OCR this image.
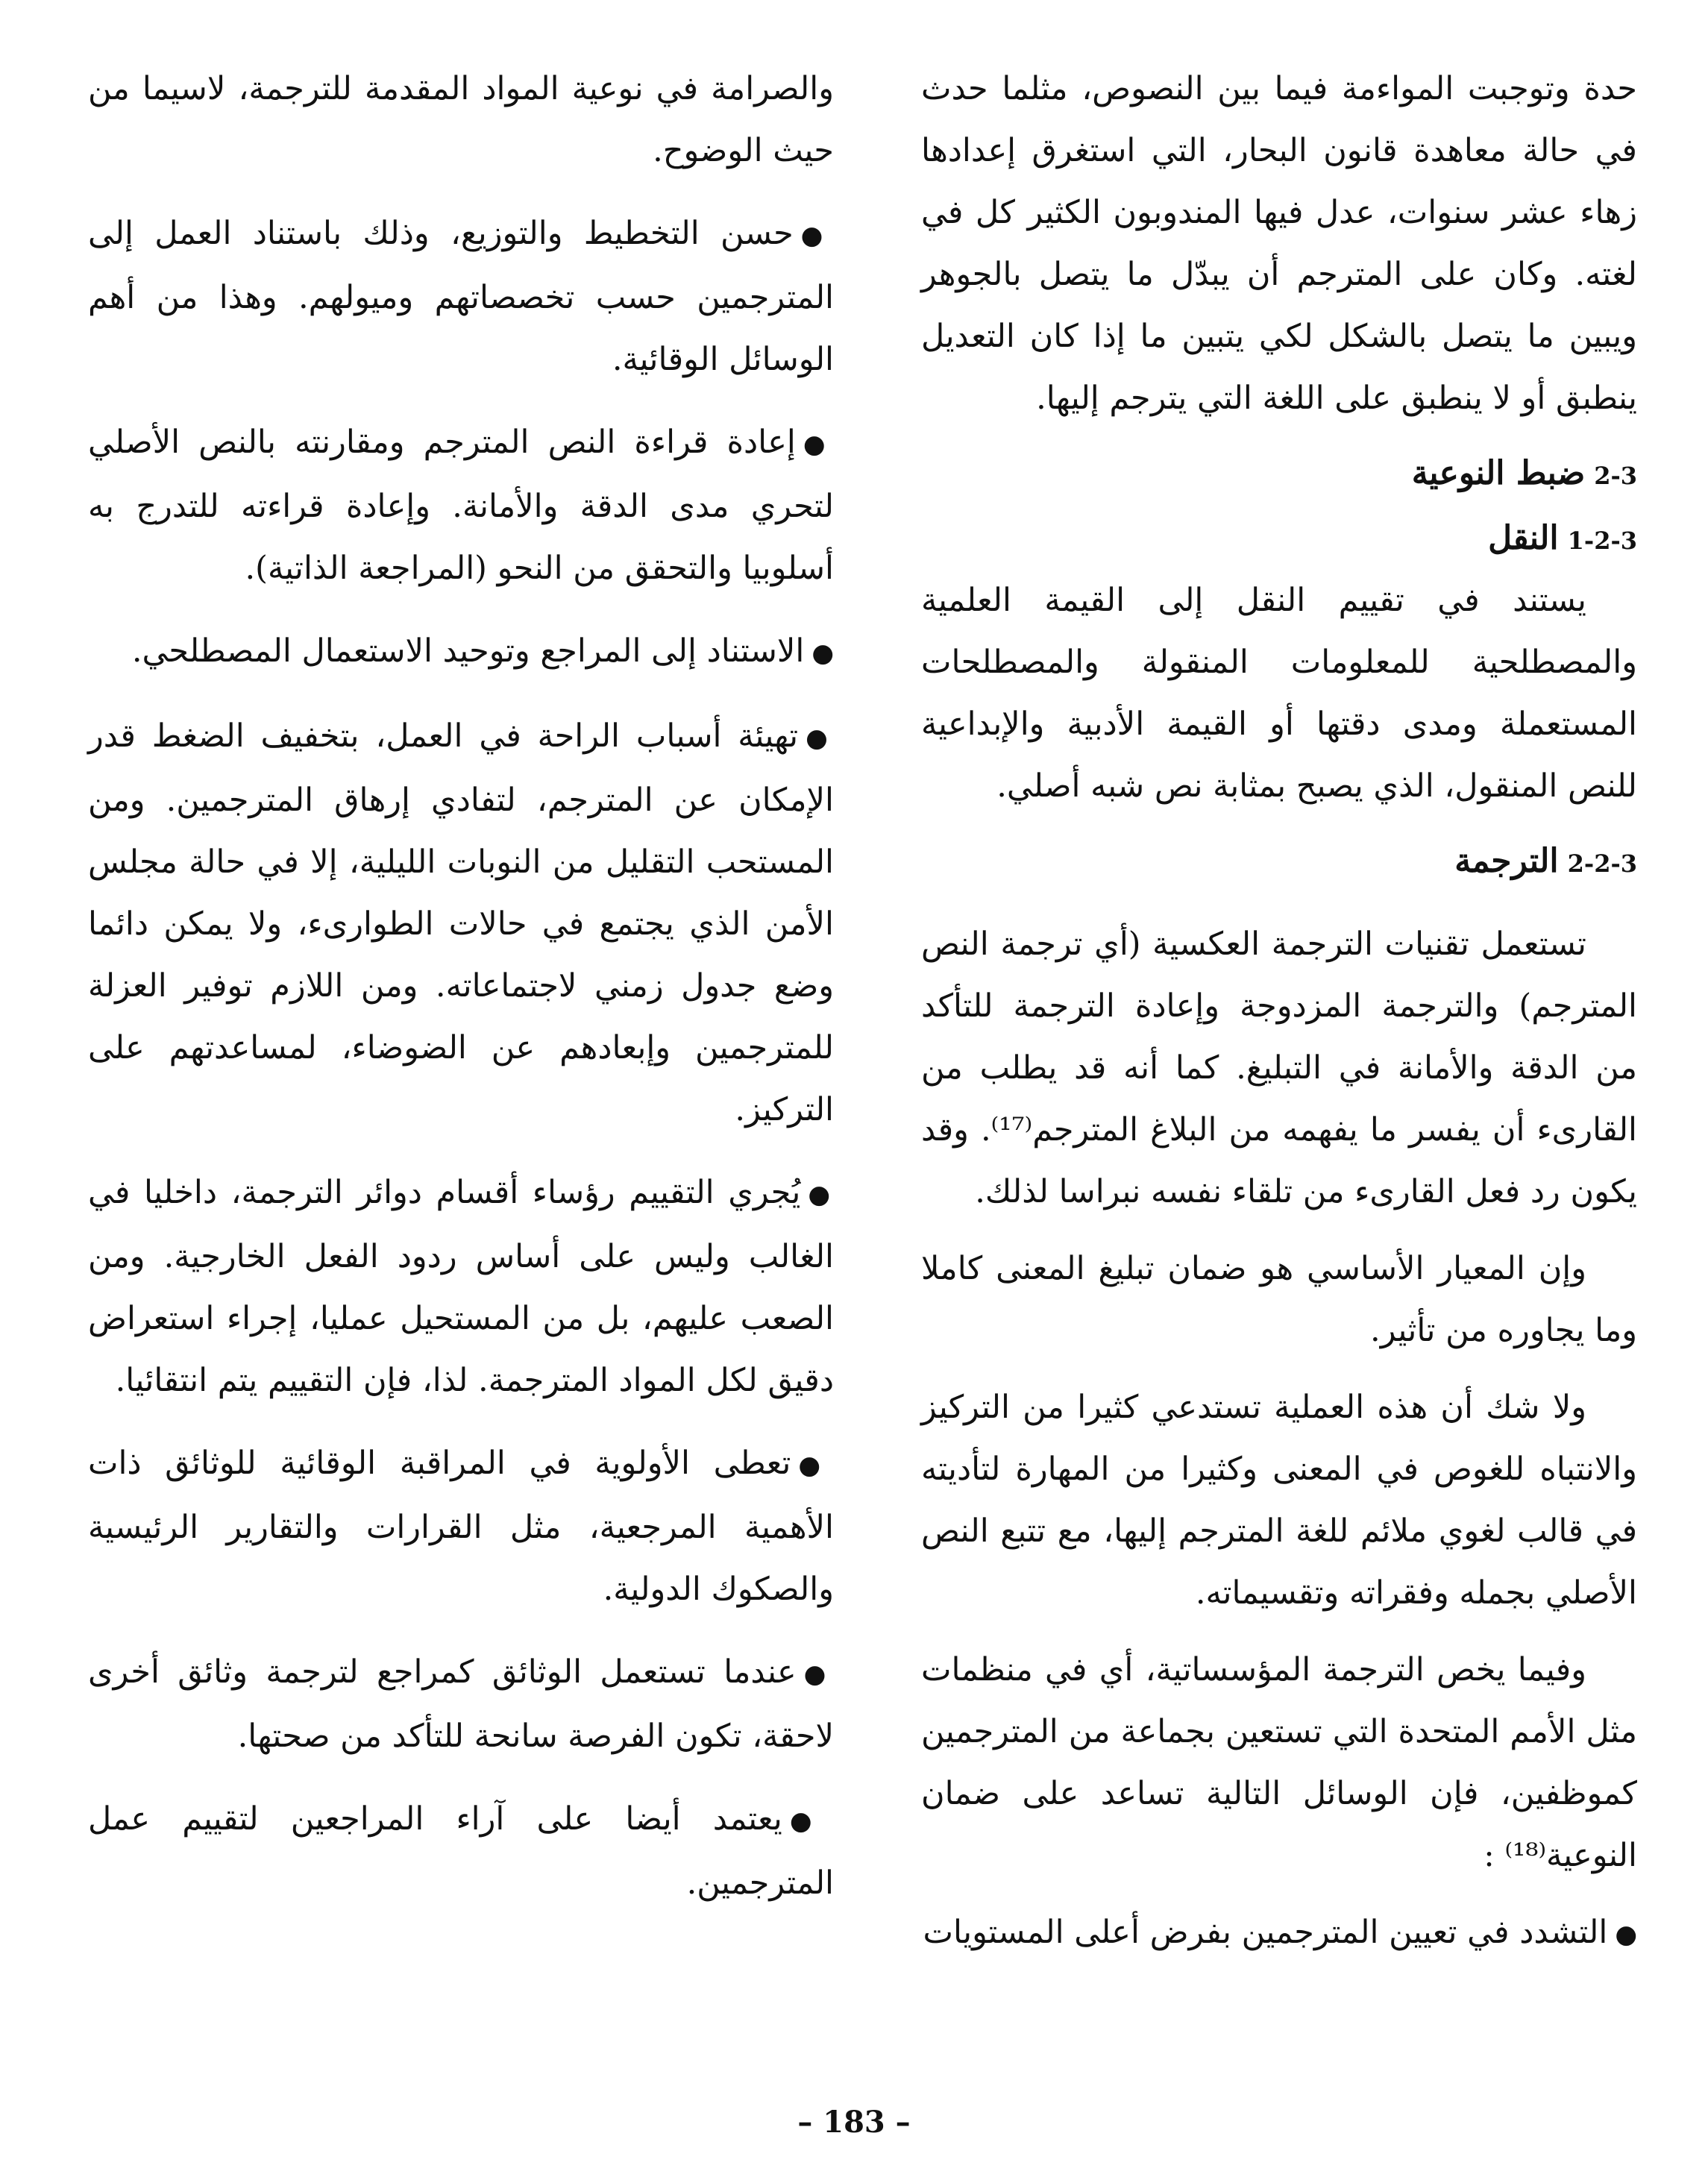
حدة وتوجبت المواءمة فيما بين النصوص، مثلما حدث في حالة معاهدة قانون البحار، التي استغرق إعدادها زهاء عشر سنوات، عدل فيها المندوبون الكثير كل في لغته. وكان على المترجم أن يبدّل ما يتصل بالجوهر ويبين ما يتصل بالشكل لكي يتبين ما إذا كان التعديل ينطبق أو لا ينطبق على اللغة التي يترجم إليها.

2-3ضبط النوعية

1-2-3النقل

يستند في تقييم النقل إلى القيمة العلمية والمصطلحية للمعلومات المنقولة والمصطلحات المستعملة ومدى دقتها أو القيمة الأدبية والإبداعية للنص المنقول، الذي يصبح بمثابة نص شبه أصلي.

2-2-3الترجمة

تستعمل تقنيات الترجمة العكسية (أي ترجمة النص المترجم) والترجمة المزدوجة وإعادة الترجمة للتأكد من الدقة والأمانة في التبليغ. كما أنه قد يطلب من القارىء أن يفسر ما يفهمه من البلاغ المترجم⁽¹⁷⁾. وقد يكون رد فعل القارىء من تلقاء نفسه نبراسا لذلك.

وإن المعيار الأساسي هو ضمان تبليغ المعنى كاملا وما يجاوره من تأثير.

ولا شك أن هذه العملية تستدعي كثيرا من التركيز والانتباه للغوص في المعنى وكثيرا من المهارة لتأديته في قالب لغوي ملائم للغة المترجم إليها، مع تتبع النص الأصلي بجمله وفقراته وتقسيماته.

وفيما يخص الترجمة المؤسساتية، أي في منظمات مثل الأمم المتحدة التي تستعين بجماعة من المترجمين كموظفين، فإن الوسائل التالية تساعد على ضمان النوعية⁽¹⁸⁾ :

●التشدد في تعيين المترجمين بفرض أعلى المستويات

والصرامة في نوعية المواد المقدمة للترجمة، لاسيما من حيث الوضوح.

●حسن التخطيط والتوزيع، وذلك باستناد العمل إلى المترجمين حسب تخصصاتهم وميولهم. وهذا من أهم الوسائل الوقائية.

●إعادة قراءة النص المترجم ومقارنته بالنص الأصلي لتحري مدى الدقة والأمانة. وإعادة قراءته للتدرج به أسلوبيا والتحقق من النحو (المراجعة الذاتية).

●الاستناد إلى المراجع وتوحيد الاستعمال المصطلحي.

●تهيئة أسباب الراحة في العمل، بتخفيف الضغط قدر الإمكان عن المترجم، لتفادي إرهاق المترجمين. ومن المستحب التقليل من النوبات الليلية، إلا في حالة مجلس الأمن الذي يجتمع في حالات الطوارىء، ولا يمكن دائما وضع جدول زمني لاجتماعاته. ومن اللازم توفير العزلة للمترجمين وإبعادهم عن الضوضاء، لمساعدتهم على التركيز.

●يُجري التقييم رؤساء أقسام دوائر الترجمة، داخليا في الغالب وليس على أساس ردود الفعل الخارجية. ومن الصعب عليهم، بل من المستحيل عمليا، إجراء استعراض دقيق لكل المواد المترجمة. لذا، فإن التقييم يتم انتقائيا.

●تعطى الأولوية في المراقبة الوقائية للوثائق ذات الأهمية المرجعية، مثل القرارات والتقارير الرئيسية والصكوك الدولية.

●عندما تستعمل الوثائق كمراجع لترجمة وثائق أخرى لاحقة، تكون الفرصة سانحة للتأكد من صحتها.

●يعتمد أيضا على آراء المراجعين لتقييم عمل المترجمين.

– 183 –
